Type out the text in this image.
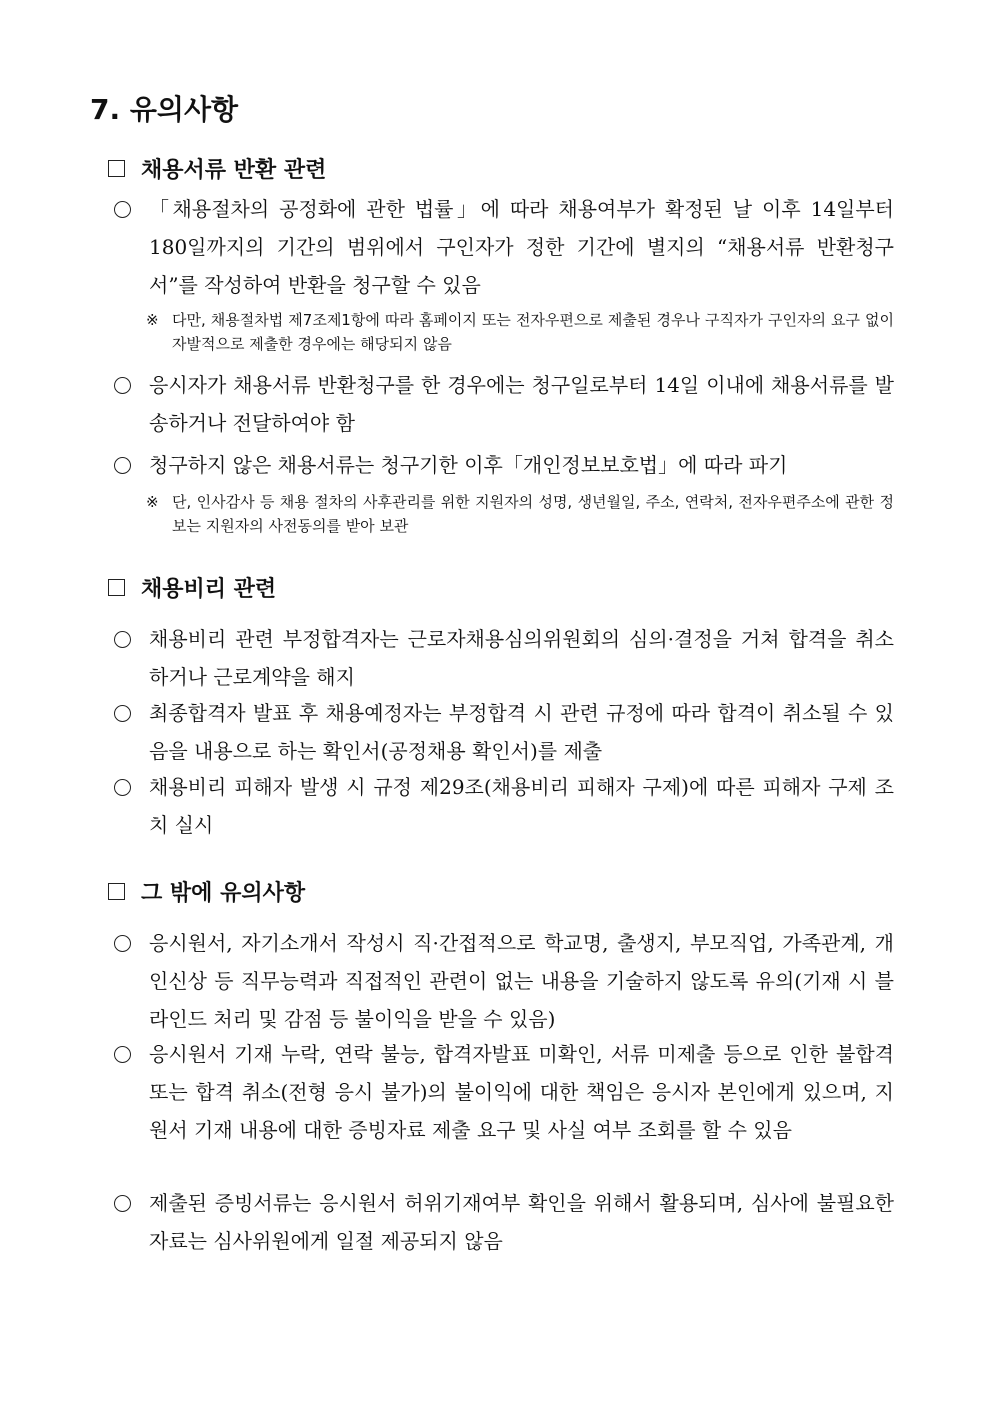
7. 유의사항
채용서류 반환 관련
「채용절차의 공정화에 관한 법률」에 따라 채용여부가 확정된 날 이후 14일부터 180일까지의 기간의 범위에서 구인자가 정한 기간에 별지의 “채용서류 반환청구서”를 작성하여 반환을 청구할 수 있음
※ 다만, 채용절차법 제7조제1항에 따라 홈페이지 또는 전자우편으로 제출된 경우나 구직자가 구인자의 요구 없이 자발적으로 제출한 경우에는 해당되지 않음
응시자가 채용서류 반환청구를 한 경우에는 청구일로부터 14일 이내에 채용서류를 발송하거나 전달하여야 함
청구하지 않은 채용서류는 청구기한 이후「개인정보보호법」에 따라 파기
※ 단, 인사감사 등 채용 절차의 사후관리를 위한 지원자의 성명, 생년월일, 주소, 연락처, 전자우편주소에 관한 정보는 지원자의 사전동의를 받아 보관
채용비리 관련
채용비리 관련 부정합격자는 근로자채용심의위원회의 심의·결정을 거쳐 합격을 취소하거나 근로계약을 해지
최종합격자 발표 후 채용예정자는 부정합격 시 관련 규정에 따라 합격이 취소될 수 있음을 내용으로 하는 확인서(공정채용 확인서)를 제출
채용비리 피해자 발생 시 규정 제29조(채용비리 피해자 구제)에 따른 피해자 구제 조치 실시
그 밖에 유의사항
응시원서, 자기소개서 작성시 직·간접적으로 학교명, 출생지, 부모직업, 가족관계, 개인신상 등 직무능력과 직접적인 관련이 없는 내용을 기술하지 않도록 유의(기재 시 블라인드 처리 및 감점 등 불이익을 받을 수 있음)
응시원서 기재 누락, 연락 불능, 합격자발표 미확인, 서류 미제출 등으로 인한 불합격 또는 합격 취소(전형 응시 불가)의 불이익에 대한 책임은 응시자 본인에게 있으며, 지원서 기재 내용에 대한 증빙자료 제출 요구 및 사실 여부 조회를 할 수 있음
제출된 증빙서류는 응시원서 허위기재여부 확인을 위해서 활용되며, 심사에 불필요한 자료는 심사위원에게 일절 제공되지 않음
